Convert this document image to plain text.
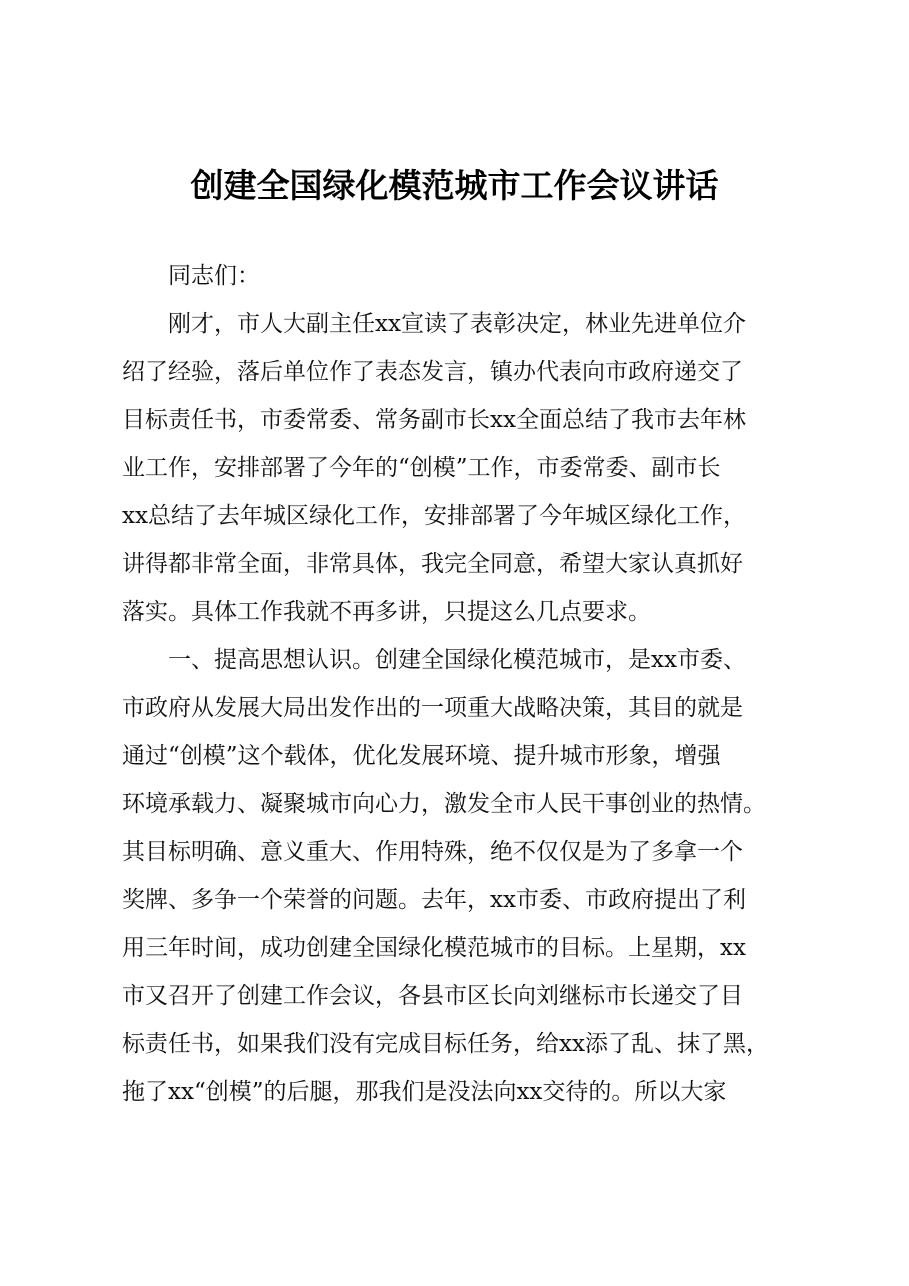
创建全国绿化模范城市工作会议讲话
　　同志们：
　　刚才，市人大副主任xx宣读了表彰决定，林业先进单位介
绍了经验，落后单位作了表态发言，镇办代表向市政府递交了
目标责任书，市委常委、常务副市长xx全面总结了我市去年林
业工作，安排部署了今年的“创模”工作，市委常委、副市长
xx总结了去年城区绿化工作，安排部署了今年城区绿化工作，
讲得都非常全面，非常具体，我完全同意，希望大家认真抓好
落实。具体工作我就不再多讲，只提这么几点要求。
　　一、提高思想认识。创建全国绿化模范城市，是xx市委、
市政府从发展大局出发作出的一项重大战略决策，其目的就是
通过“创模”这个载体，优化发展环境、提升城市形象，增强
环境承载力、凝聚城市向心力，激发全市人民干事创业的热情。
其目标明确、意义重大、作用特殊，绝不仅仅是为了多拿一个
奖牌、多争一个荣誉的问题。去年，xx市委、市政府提出了利
用三年时间，成功创建全国绿化模范城市的目标。上星期，xx
市又召开了创建工作会议，各县市区长向刘继标市长递交了目
标责任书，如果我们没有完成目标任务，给xx添了乱、抹了黑，
拖了xx“创模”的后腿，那我们是没法向xx交待的。所以大家
